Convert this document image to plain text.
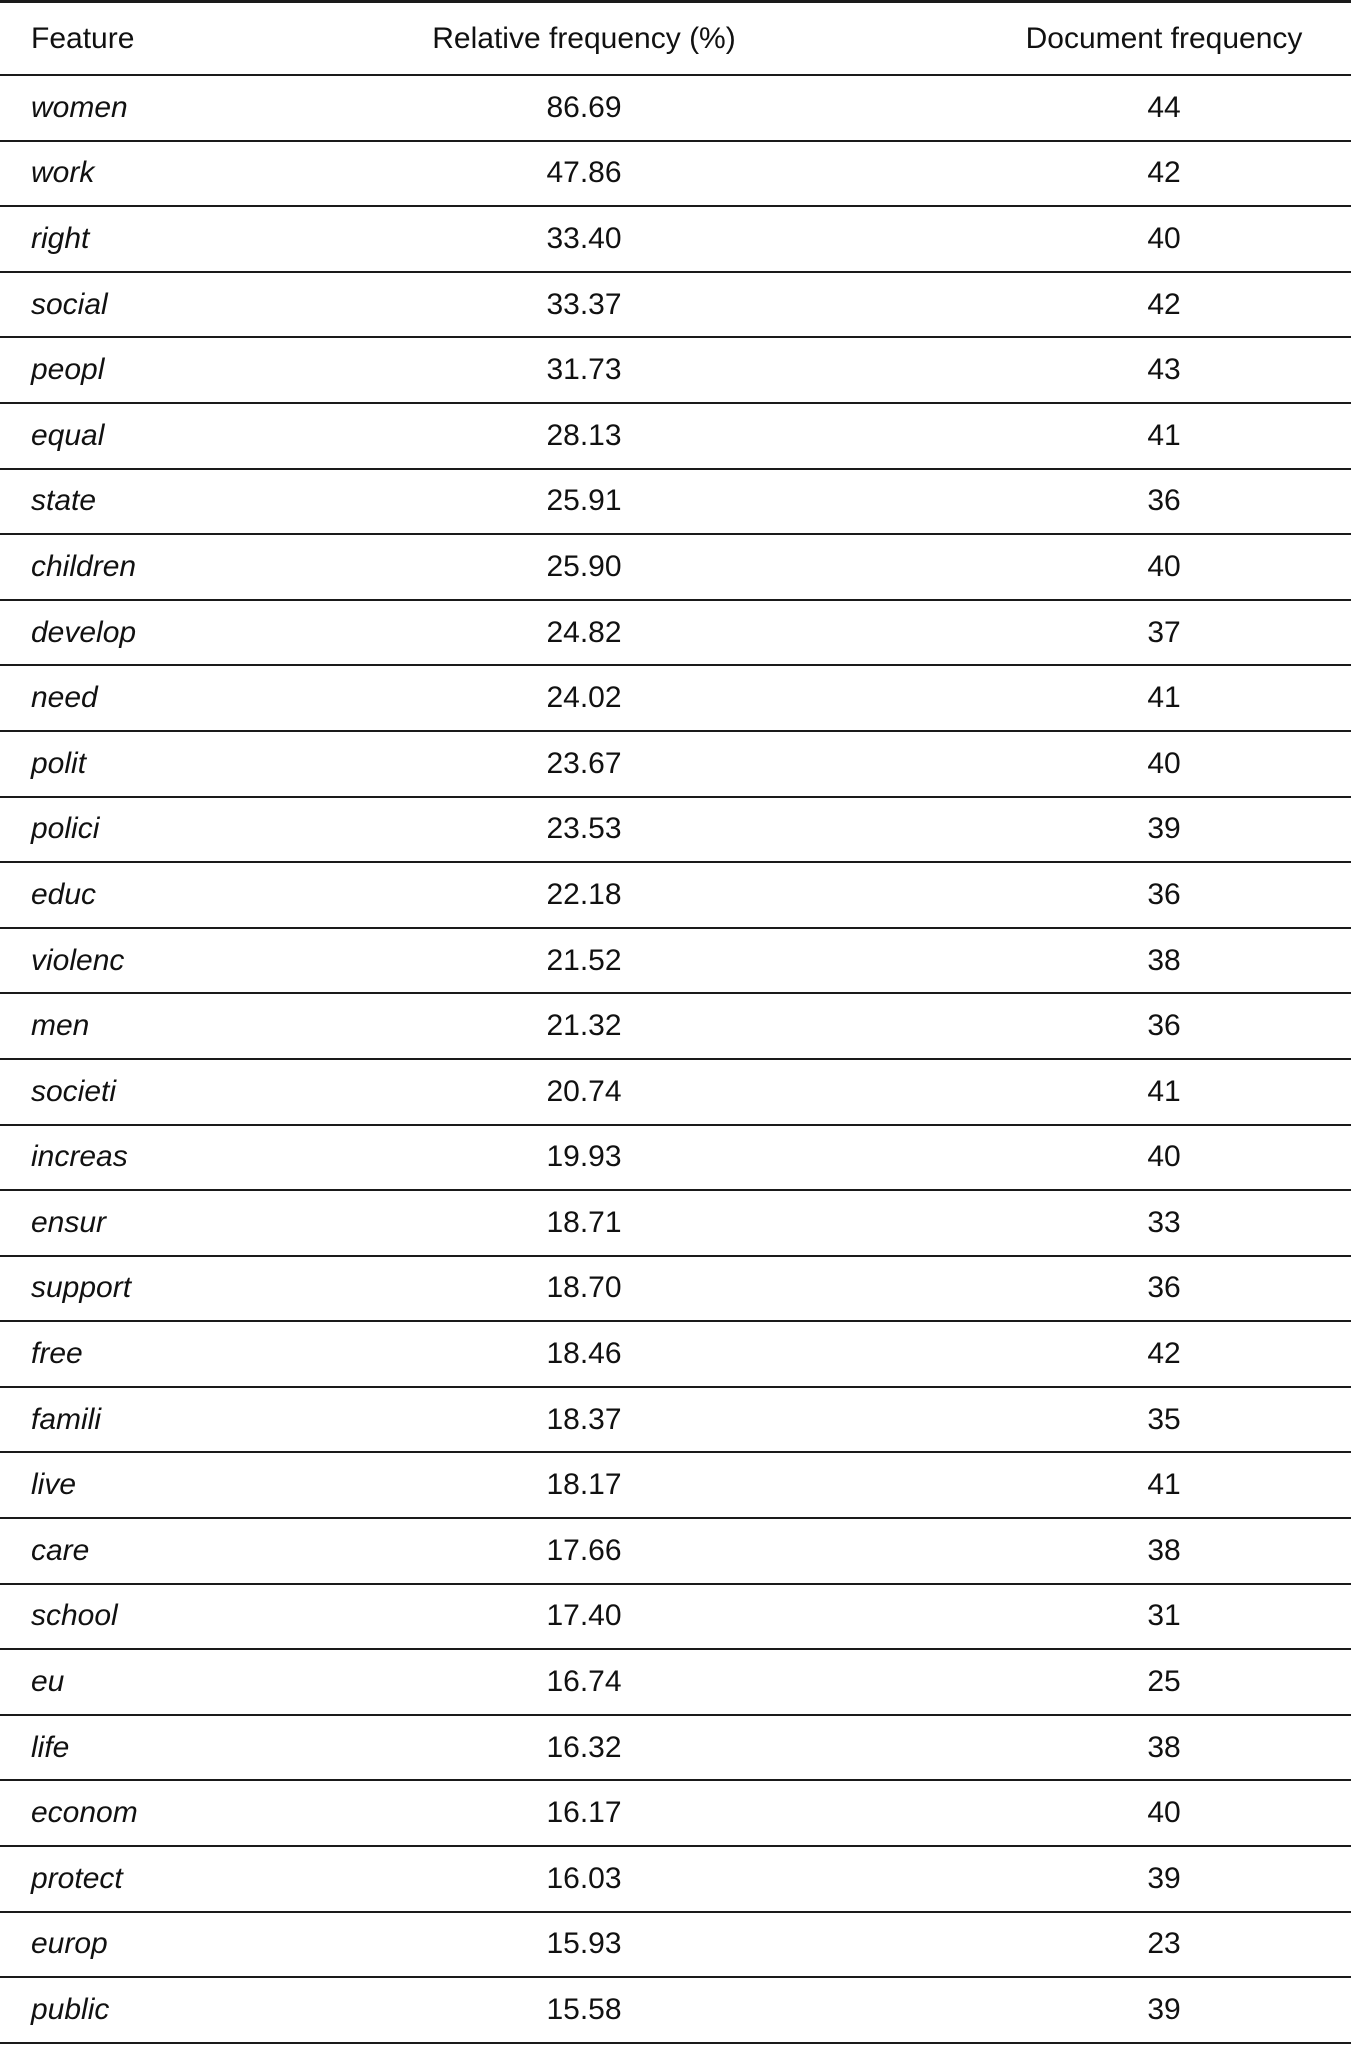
Feature	Relative frequency (%)	Document frequency
women	86.69	44
work	47.86	42
right	33.40	40
social	33.37	42
peopl	31.73	43
equal	28.13	41
state	25.91	36
children	25.90	40
develop	24.82	37
need	24.02	41
polit	23.67	40
polici	23.53	39
educ	22.18	36
violenc	21.52	38
men	21.32	36
societi	20.74	41
increas	19.93	40
ensur	18.71	33
support	18.70	36
free	18.46	42
famili	18.37	35
live	18.17	41
care	17.66	38
school	17.40	31
eu	16.74	25
life	16.32	38
econom	16.17	40
protect	16.03	39
europ	15.93	23
public	15.58	39
